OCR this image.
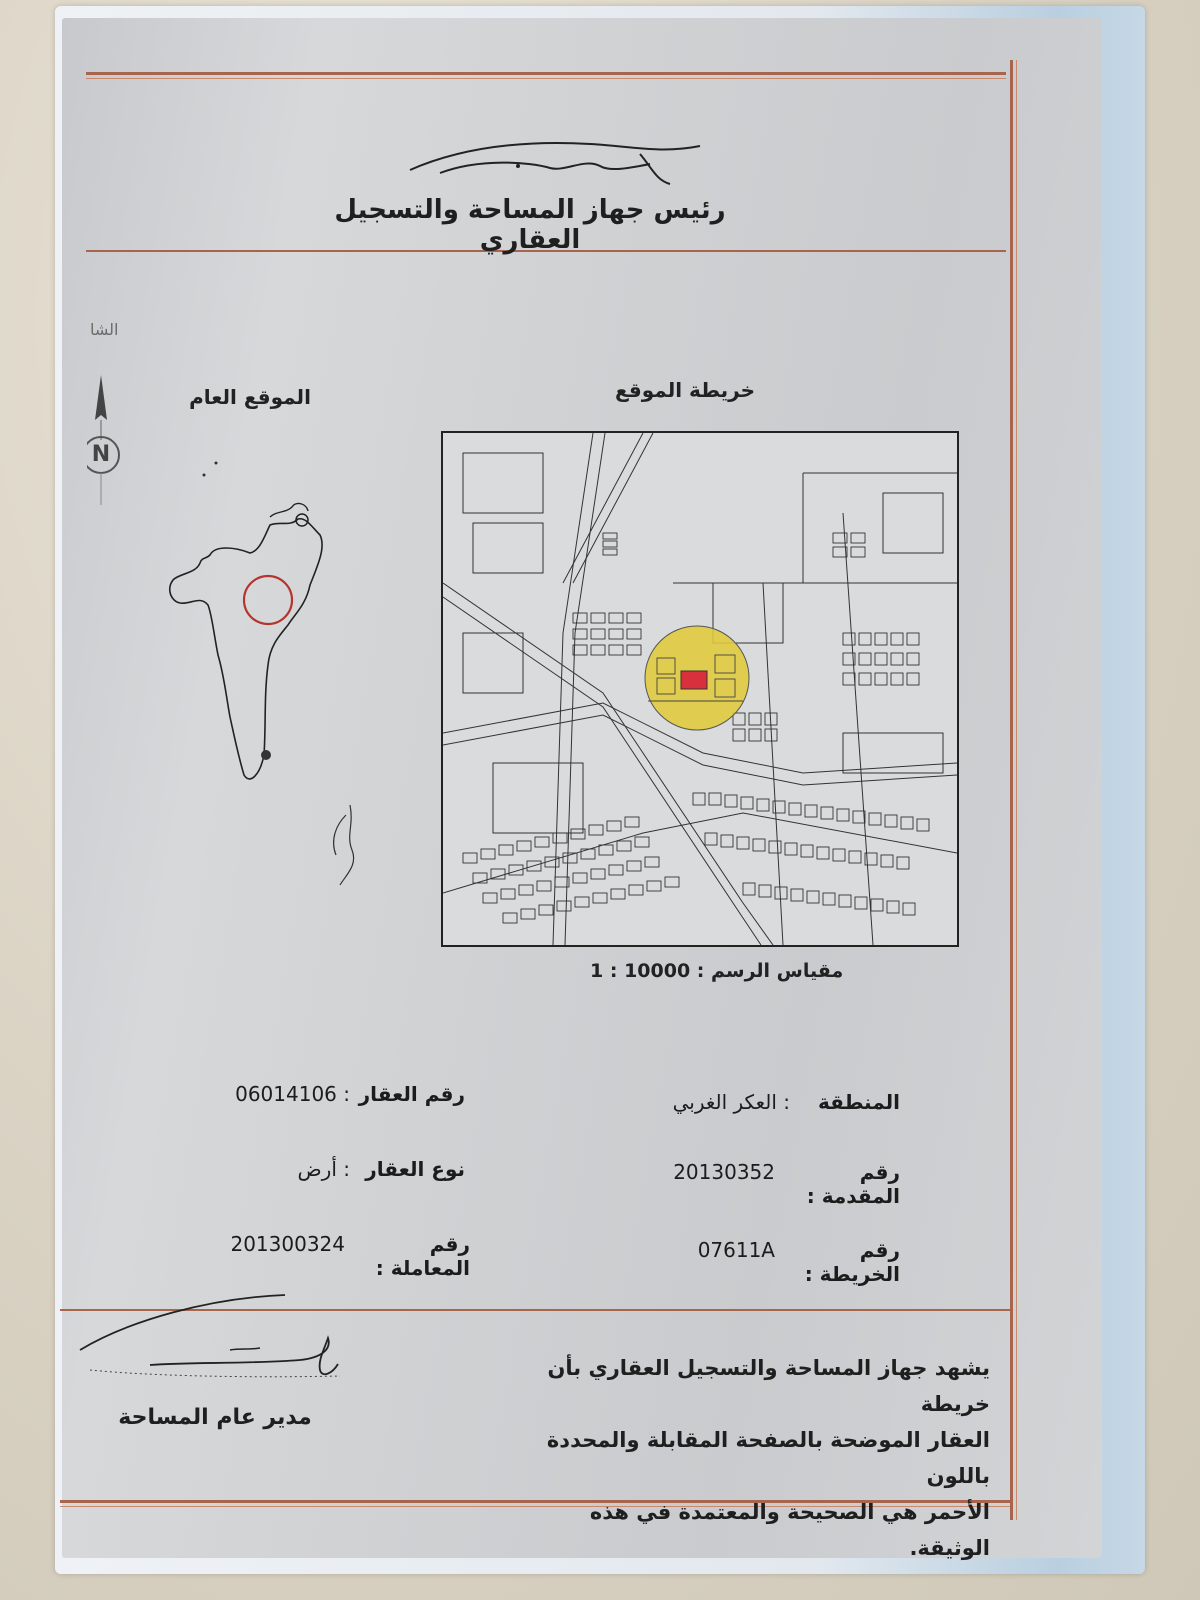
رئيس جهاز المساحة والتسجيل العقاري
الشا
N
الموقع العام	خريطة الموقع
مقياس الرسم : 10000 : 1
المنطقة
: العكر الغربي
رقم المقدمة :
20130352
رقم الخريطة :
07611A
رقم العقار
: 06014106
نوع العقار
: أرض
رقم المعاملة :
201300324
مدير عام المساحة
يشهد جهاز المساحة والتسجيل العقاري بأن خريطة
العقار الموضحة بالصفحة المقابلة والمحددة باللون
الأحمر هي الصحيحة والمعتمدة في هذه الوثيقة.
